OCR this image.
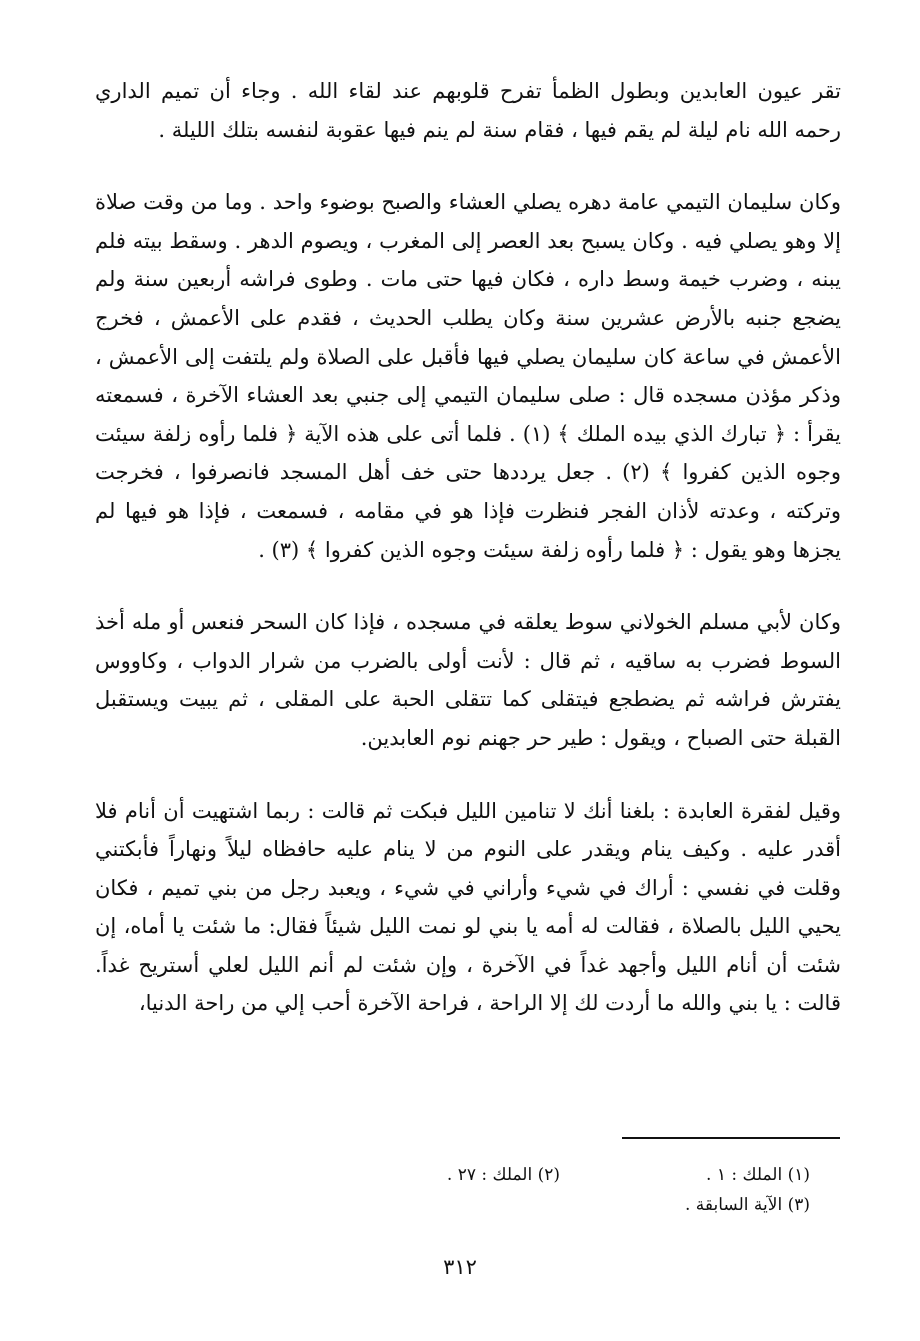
تقر عيون العابدين وبطول الظمأ تفرح قلوبهم عند لقاء الله . وجاء أن تميم الداري رحمه الله نام ليلة لم يقم فيها ، فقام سنة لم ينم فيها عقوبة لنفسه بتلك الليلة .

وكان سليمان التيمي عامة دهره يصلي العشاء والصبح بوضوء واحد . وما من وقت صلاة إلا وهو يصلي فيه . وكان يسبح بعد العصر إلى المغرب ، ويصوم الدهر . وسقط بيته فلم يبنه ، وضرب خيمة وسط داره ، فكان فيها حتى مات . وطوى فراشه أربعين سنة ولم يضجع جنبه بالأرض عشرين سنة وكان يطلب الحديث ، فقدم على الأعمش ، فخرج الأعمش في ساعة كان سليمان يصلي فيها فأقبل على الصلاة ولم يلتفت إلى الأعمش ، وذكر مؤذن مسجده قال : صلى سليمان التيمي إلى جنبي بعد العشاء الآخرة ، فسمعته يقرأ : ﴿ تبارك الذي بيده الملك ﴾ (١) . فلما أتى على هذه الآية ﴿ فلما رأوه زلفة سيئت وجوه الذين كفروا ﴾ (٢) . جعل يرددها حتى خف أهل المسجد فانصرفوا ، فخرجت وتركته ، وعدته لأذان الفجر فنظرت فإذا هو في مقامه ، فسمعت ، فإذا هو فيها لم يجزها وهو يقول : ﴿ فلما رأوه زلفة سيئت وجوه الذين كفروا ﴾ (٣) .

وكان لأبي مسلم الخولاني سوط يعلقه في مسجده ، فإذا كان السحر فنعس أو مله أخذ السوط فضرب به ساقيه ، ثم قال : لأنت أولى بالضرب من شرار الدواب ، وكاووس يفترش فراشه ثم يضطجع فيتقلى كما تتقلى الحبة على المقلى ، ثم يبيت ويستقبل القبلة حتى الصباح ، ويقول : طير حر جهنم نوم العابدين.

وقيل لفقرة العابدة : بلغنا أنك لا تنامين الليل فبكت ثم قالت : ربما اشتهيت أن أنام فلا أقدر عليه . وكيف ينام ويقدر على النوم من لا ينام عليه حافظاه ليلاً ونهاراً فأبكتني وقلت في نفسي : أراك في شيء وأراني في شيء ، ويعبد رجل من بني تميم ، فكان يحيي الليل بالصلاة ، فقالت له أمه يا بني لو نمت الليل شيئاً فقال: ما شئت يا أماه، إن شئت أن أنام الليل وأجهد غداً في الآخرة ، وإن شئت لم أنم الليل لعلي أستريح غداً. قالت : يا بني والله ما أردت لك إلا الراحة ، فراحة الآخرة أحب إلي من راحة الدنيا،

(١) الملك : ١ .
(٢) الملك : ٢٧ .
(٣) الآية السابقة .
٣١٢
